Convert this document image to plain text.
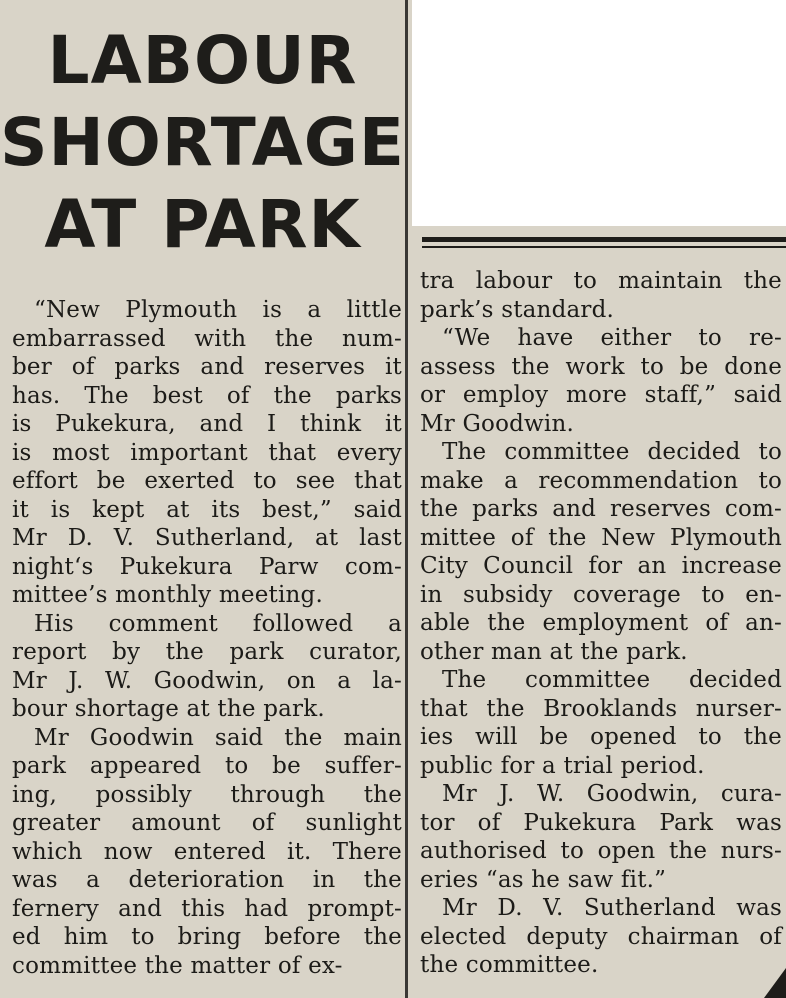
LABOUR
SHORTAGE
AT PARK
“New Plymouth is a little
embarrassed with the num-
ber of parks and reserves it
has. The best of the parks
is Pukekura, and I think it
is most important that every
effort be exerted to see that
it is kept at its best,” said
Mr D. V. Sutherland, at last
night‘s Pukekura Parw com-
mittee’s monthly meeting.
His comment followed a
report by the park curator,
Mr J. W. Goodwin, on a la-
bour shortage at the park.
Mr Goodwin said the main
park appeared to be suffer-
ing, possibly through the
greater amount of sunlight
which now entered it. There
was a deterioration in the
fernery and this had prompt-
ed him to bring before the
committee the matter of ex-
tra labour to maintain the
park’s standard.
“We have either to re-
assess the work to be done
or employ more staff,” said
Mr Goodwin.
The committee decided to
make a recommendation to
the parks and reserves com-
mittee of the New Plymouth
City Council for an increase
in subsidy coverage to en-
able the employment of an-
other man at the park.
The committee decided
that the Brooklands nurser-
ies will be opened to the
public for a trial period.
Mr J. W. Goodwin, cura-
tor of Pukekura Park was
authorised to open the nurs-
eries “as he saw fit.”
Mr D. V. Sutherland was
elected deputy chairman of
the committee.
